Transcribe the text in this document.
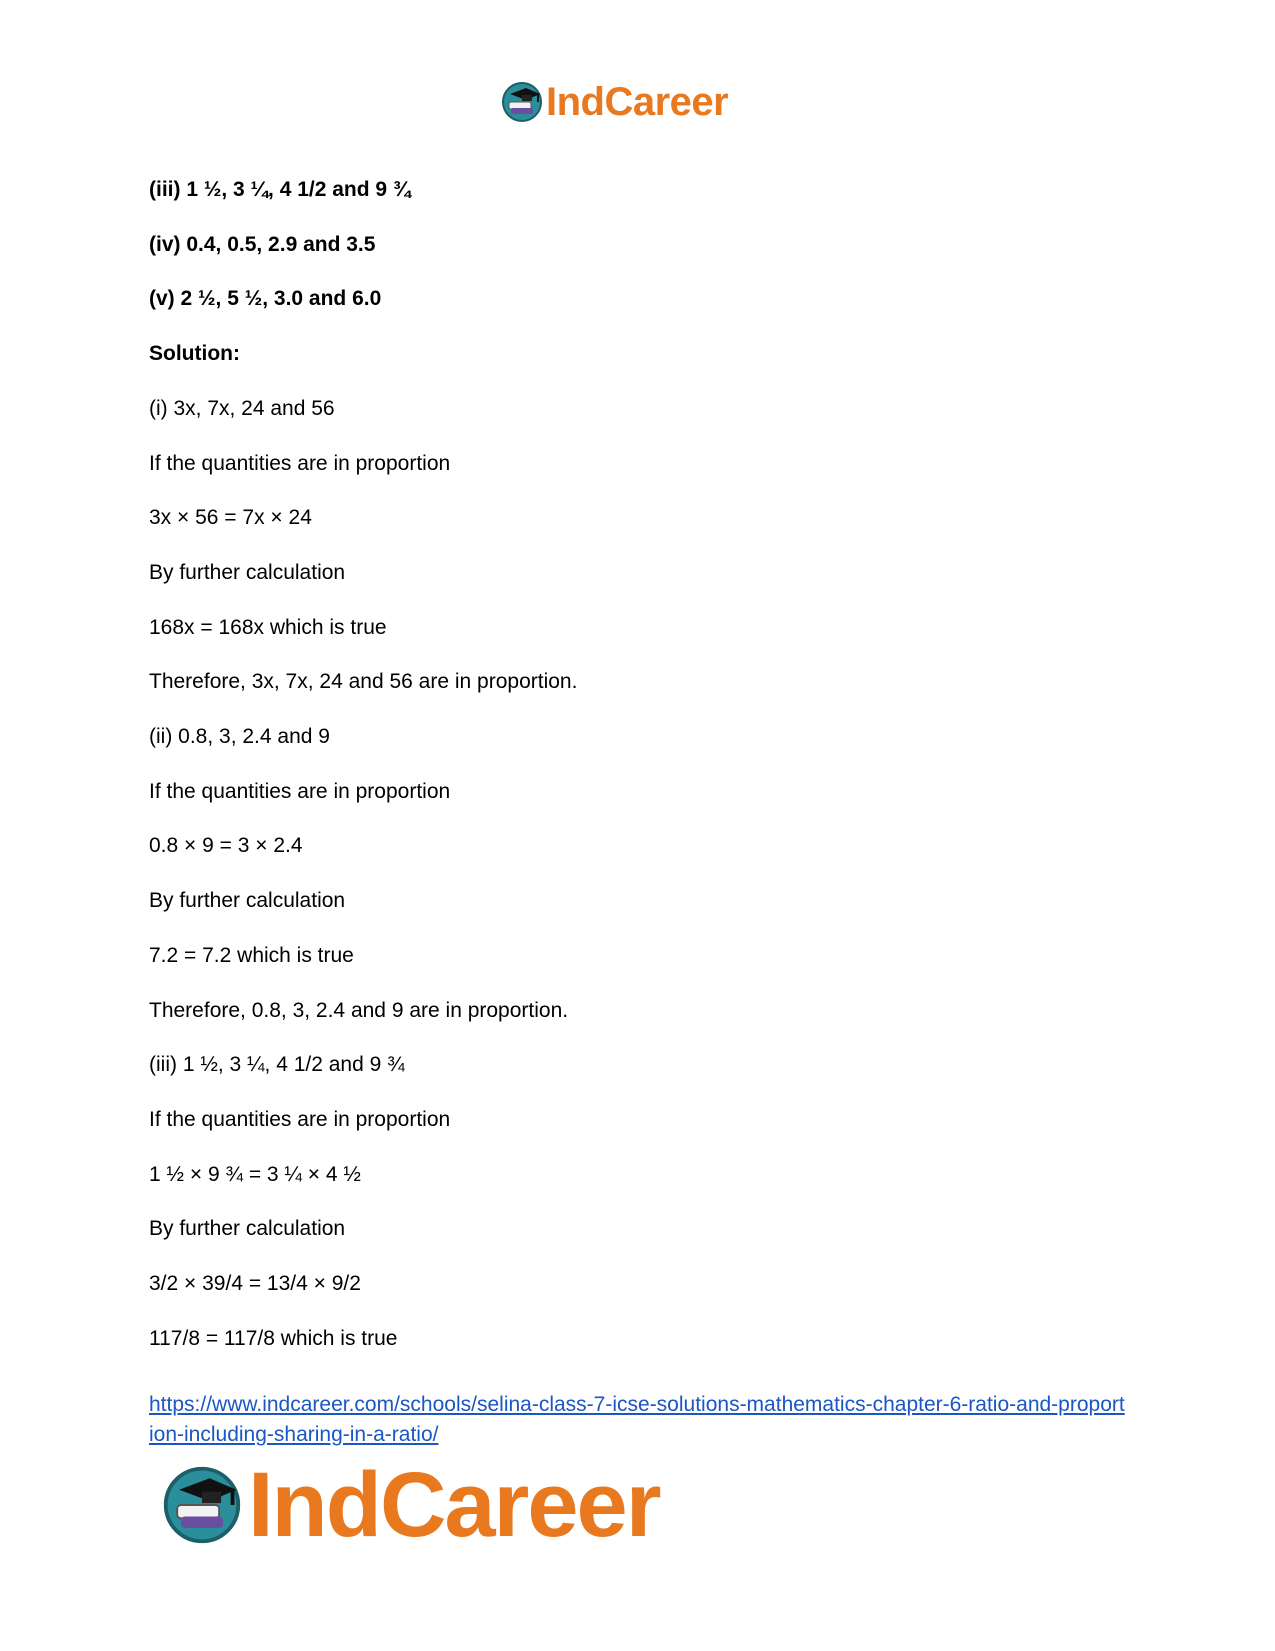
IndCareer
(iii) 1 ½, 3 ¼, 4 1/2 and 9 ¾
(iv) 0.4, 0.5, 2.9 and 3.5
(v) 2 ½, 5 ½, 3.0 and 6.0
Solution:
(i) 3x, 7x, 24 and 56
If the quantities are in proportion
3x × 56 = 7x × 24
By further calculation
168x = 168x which is true
Therefore, 3x, 7x, 24 and 56 are in proportion.
(ii) 0.8, 3, 2.4 and 9
If the quantities are in proportion
0.8 × 9 = 3 × 2.4
By further calculation
7.2 = 7.2 which is true
Therefore, 0.8, 3, 2.4 and 9 are in proportion.
(iii) 1 ½, 3 ¼, 4 1/2 and 9 ¾
If the quantities are in proportion
1 ½ × 9 ¾ = 3 ¼ × 4 ½
By further calculation
3/2 × 39/4 = 13/4 × 9/2
117/8 = 117/8 which is true
https://www.indcareer.com/schools/selina-class-7-icse-solutions-mathematics-chapter-6-ratio-and-proportion-including-sharing-in-a-ratio/
IndCareer
